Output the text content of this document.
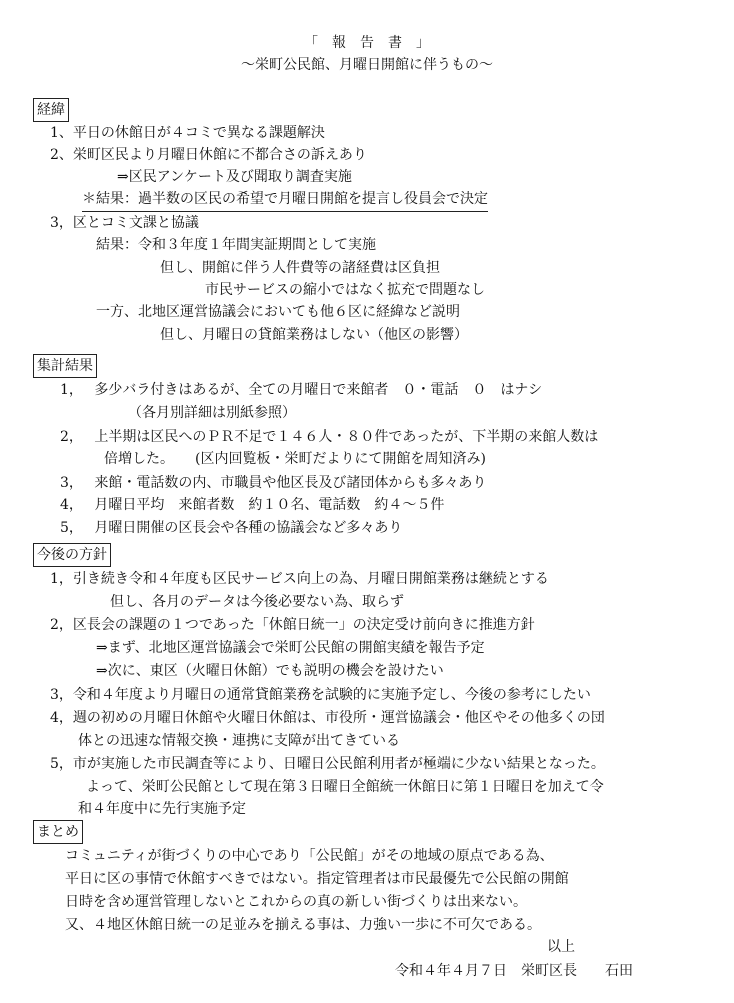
「　報　告　書　」
〜栄町公民館、月曜日開館に伴うもの〜
経緯
1、平日の休館日が４コミで異なる課題解決
2、栄町区民より月曜日休館に不都合さの訴えあり
⇒区民アンケート及び聞取り調査実施
＊結果：過半数の区民の希望で月曜日開館を提言し役員会で決定
3，区とコミ文課と協議
結果：令和３年度１年間実証期間として実施
但し、開館に伴う人件費等の諸経費は区負担
市民サービスの縮小ではなく拡充で問題なし
一方、北地区運営協議会においても他６区に経緯など説明
但し、月曜日の貸館業務はしない（他区の影響）
集計結果
1，　 多少バラ付きはあるが、全ての月曜日で来館者　０・電話　０　はナシ
（各月別詳細は別紙参照）
2，　 上半期は区民へのＰＲ不足で１４６人・８０件であったが、下半期の来館人数は
倍増した。　　(区内回覧板・栄町だよりにて開館を周知済み)
3，　 来館・電話数の内、市職員や他区長及び諸団体からも多々あり
4，　 月曜日平均　来館者数　約１０名、電話数　約４〜５件
5，　 月曜日開催の区長会や各種の協議会など多々あり
今後の方針
1，引き続き令和４年度も区民サービス向上の為、月曜日開館業務は継続とする
但し、各月のデータは今後必要ない為、取らず
2，区長会の課題の１つであった「休館日統一」の決定受け前向きに推進方針
⇒まず、北地区運営協議会で栄町公民館の開館実績を報告予定
⇒次に、東区（火曜日休館）でも説明の機会を設けたい
3，令和４年度より月曜日の通常貸館業務を試験的に実施予定し、今後の参考にしたい
4，週の初めの月曜日休館や火曜日休館は、市役所・運営協議会・他区やその他多くの団
体との迅速な情報交換・連携に支障が出てきている
5，市が実施した市民調査等により、日曜日公民館利用者が極端に少ない結果となった。
よって、栄町公民館として現在第３日曜日全館統一休館日に第１日曜日を加えて令
和４年度中に先行実施予定
まとめ
コミュニティが街づくりの中心であり「公民館」がその地域の原点である為、
平日に区の事情で休館すべきではない。指定管理者は市民最優先で公民館の開館
日時を含め運営管理しないとこれからの真の新しい街づくりは出来ない。
又、４地区休館日統一の足並みを揃える事は、力強い一歩に不可欠である。
以上
令和４年４月７日　栄町区長　　石田
